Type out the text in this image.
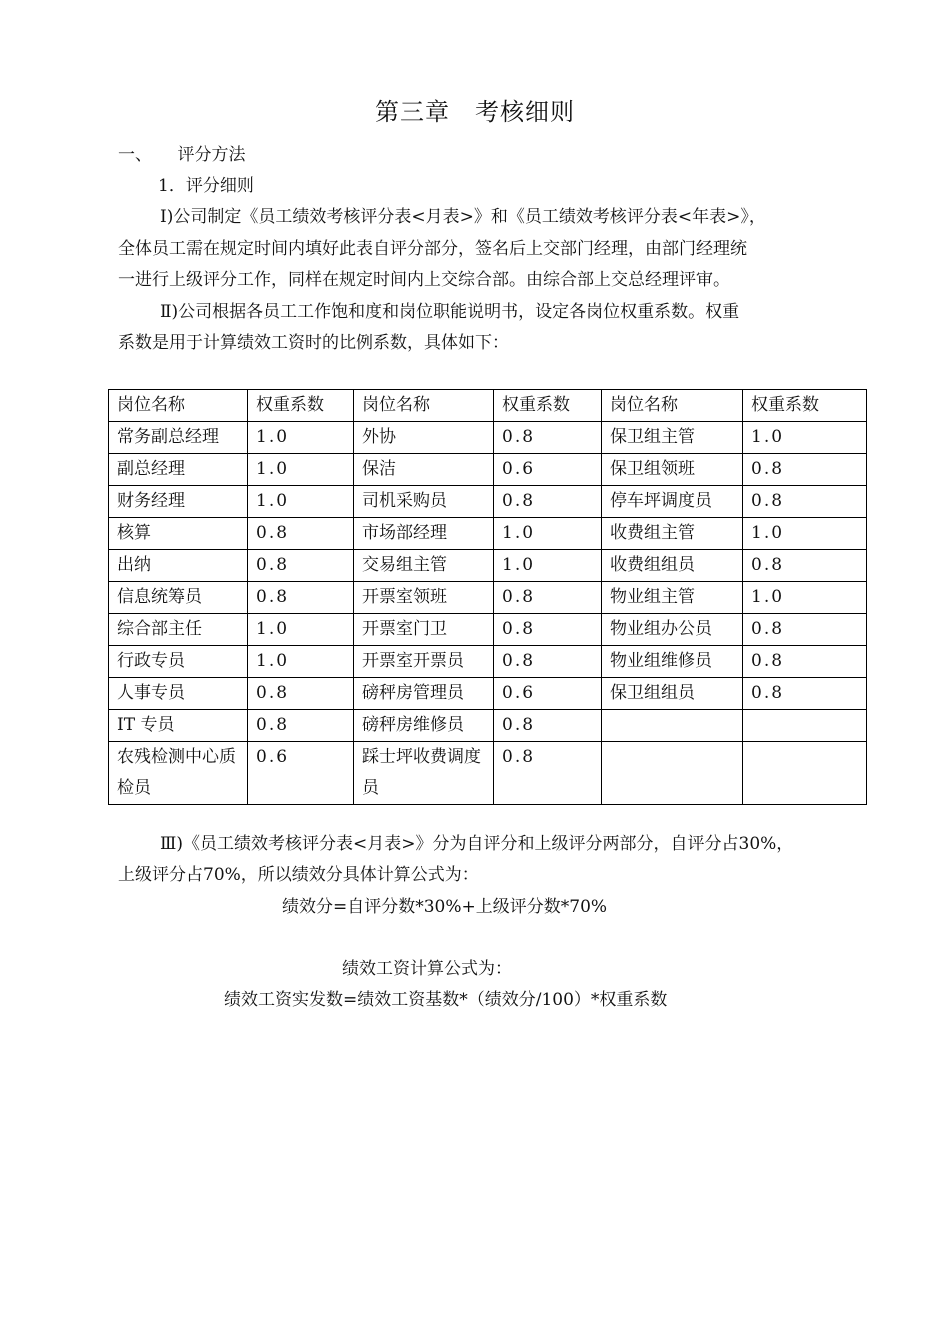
第三章　考核细则
一、　　评分方法
1．评分细则
Ⅰ)公司制定《员工绩效考核评分表<月表>》和《员工绩效考核评分表<年表>》，
全体员工需在规定时间内填好此表自评分部分，签名后上交部门经理，由部门经理统
一进行上级评分工作，同样在规定时间内上交综合部。由综合部上交总经理评审。
Ⅱ)公司根据各员工工作饱和度和岗位职能说明书，设定各岗位权重系数。权重
系数是用于计算绩效工资时的比例系数，具体如下：
岗位名称	权重系数	岗位名称	权重系数	岗位名称	权重系数
常务副总经理	1.0	外协	0.8	保卫组主管	1.0
副总经理	1.0	保洁	0.6	保卫组领班	0.8
财务经理	1.0	司机采购员	0.8	停车坪调度员	0.8
核算	0.8	市场部经理	1.0	收费组主管	1.0
出纳	0.8	交易组主管	1.0	收费组组员	0.8
信息统筹员	0.8	开票室领班	0.8	物业组主管	1.0
综合部主任	1.0	开票室门卫	0.8	物业组办公员	0.8
行政专员	1.0	开票室开票员	0.8	物业组维修员	0.8
人事专员	0.8	磅秤房管理员	0.6	保卫组组员	0.8
IT 专员	0.8	磅秤房维修员	0.8		
农残检测中心质检员	0.6	踩士坪收费调度员	0.8		
Ⅲ)《员工绩效考核评分表<月表>》分为自评分和上级评分两部分，自评分占30%，
上级评分占70%，所以绩效分具体计算公式为：
绩效分=自评分数*30%+上级评分数*70%
绩效工资计算公式为：
绩效工资实发数=绩效工资基数*（绩效分/100）*权重系数
